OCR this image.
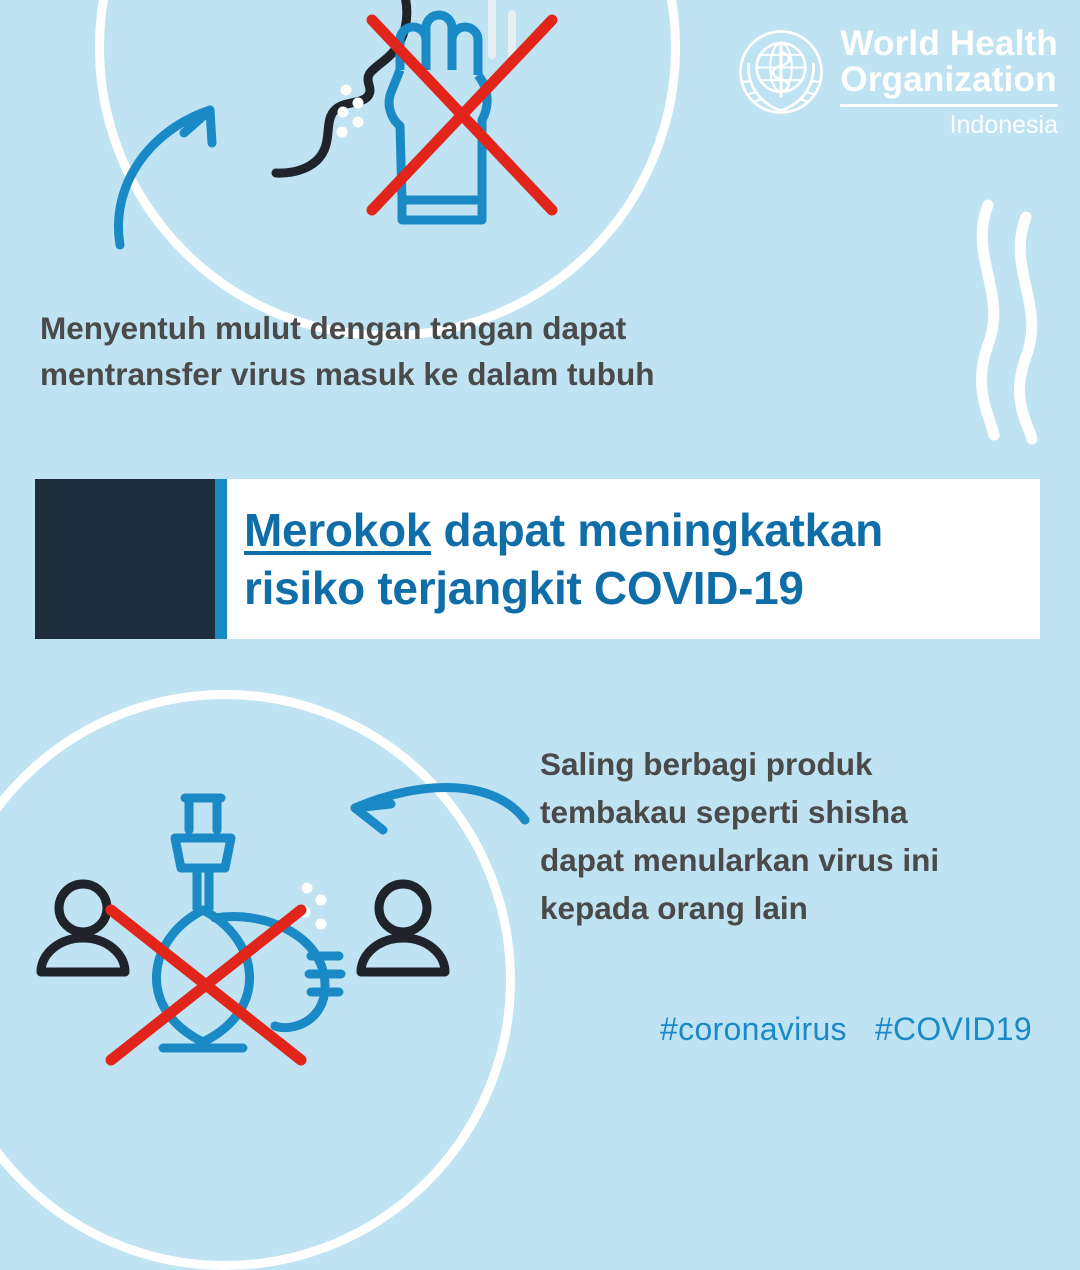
World Health
Organization
Indonesia
Menyentuh mulut dengan tangan dapat
mentransfer virus masuk ke dalam tubuh
Merokok dapat meningkatkan
risiko terjangkit COVID-19
Saling berbagi produk
tembakau seperti shisha
dapat menularkan virus ini
kepada orang lain
#coronavirus #COVID19
